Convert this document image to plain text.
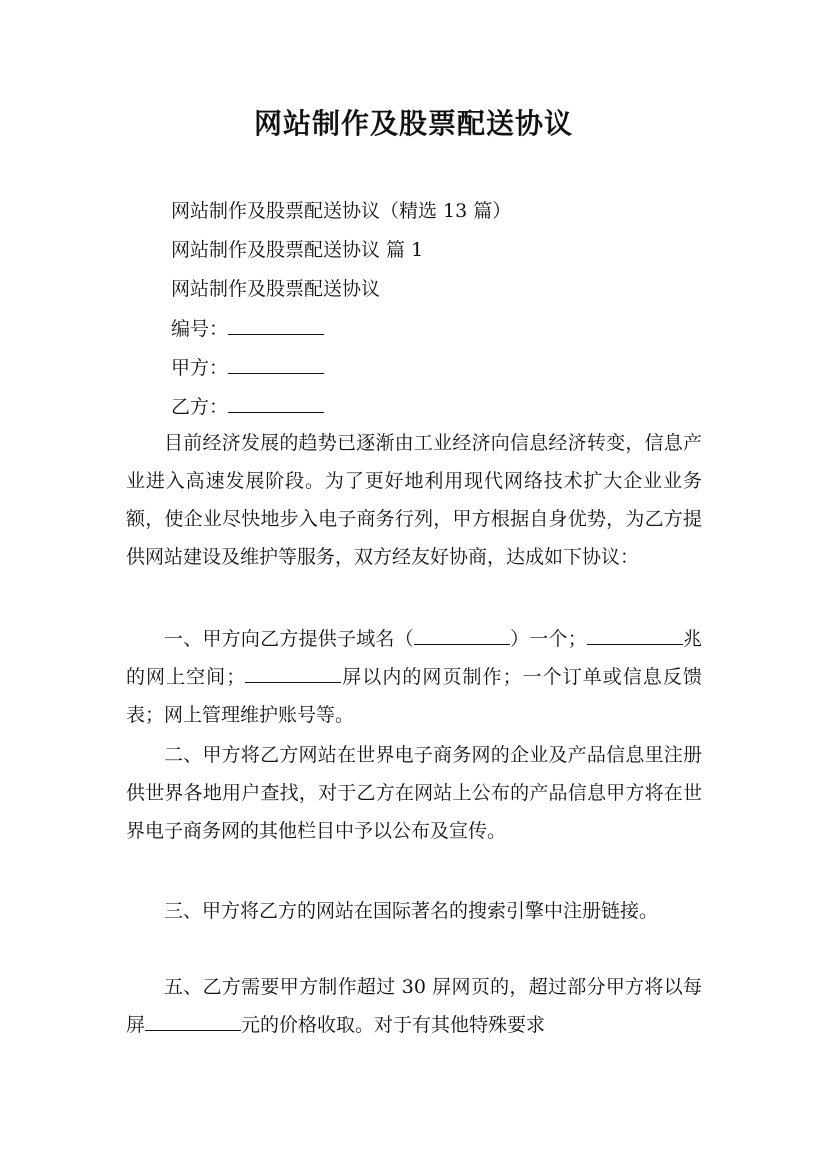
网站制作及股票配送协议
网站制作及股票配送协议（精选 13 篇）
网站制作及股票配送协议 篇 1
网站制作及股票配送协议
编号：
甲方：
乙方：

目前经济发展的趋势已逐渐由工业经济向信息经济转变，信息产业进入高速发展阶段。为了更好地利用现代网络技术扩大企业业务额，使企业尽快地步入电子商务行列，甲方根据自身优势，为乙方提供网站建设及维护等服务，双方经友好协商，达成如下协议：

一、甲方向乙方提供子域名（	）一个；	兆的网上空间；	屏以内的网页制作；一个订单或信息反馈表；网上管理维护账号等。

二、甲方将乙方网站在世界电子商务网的企业及产品信息里注册供世界各地用户查找，对于乙方在网站上公布的产品信息甲方将在世界电子商务网的其他栏目中予以公布及宣传。

三、甲方将乙方的网站在国际著名的搜索引擎中注册链接。

五、乙方需要甲方制作超过 30 屏网页的，超过部分甲方将以每屏	元的价格收取。对于有其他特殊要求
